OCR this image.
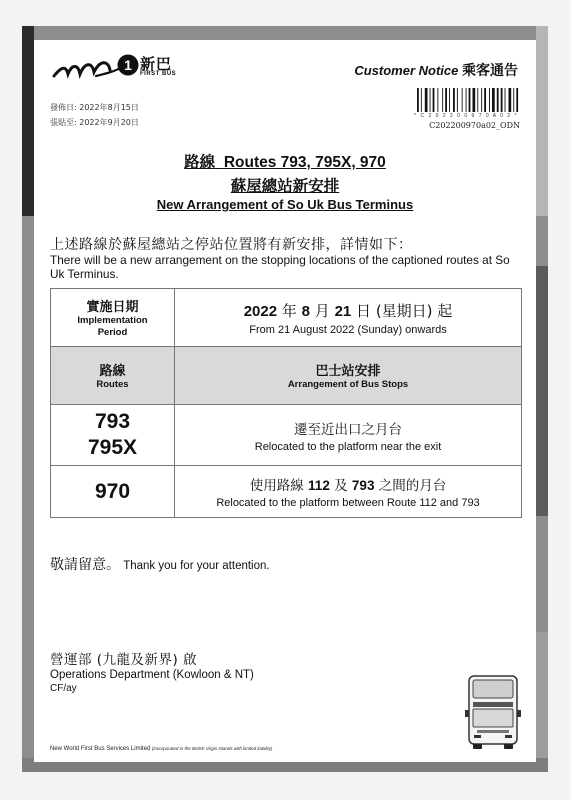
1 新巴
FIRST BUS	Customer Notice 乘客通告
發佈日: 2022年8月15日
張貼至: 2022年9月20日
* C 2 0 2 2 0 0 9 7 0 A 0 2 *
C202200970a02_ODN
路線 Routes 793, 795X, 970
蘇屋總站新安排
New Arrangement of So Uk Bus Terminus
上述路線於蘇屋總站之停站位置將有新安排，詳情如下：
There will be a new arrangement on the stopping locations of the captioned routes at So Uk Terminus.
實施日期
Implementation Period
2022 年 8 月 21 日 (星期日) 起
From 21 August 2022 (Sunday) onwards
路線
Routes
巴士站安排
Arrangement of Bus Stops
793
795X
遷至近出口之月台
Relocated to the platform near the exit
970	使用路線 112 及 793 之間的月台
Relocated to the platform between Route 112 and 793
敬請留意。 Thank you for your attention.
營運部 (九龍及新界) 啟
Operations Department (Kowloon & NT)
CF/ay
New World First Bus Services Limited (incorporated in the British Virgin Islands with limited liability)
